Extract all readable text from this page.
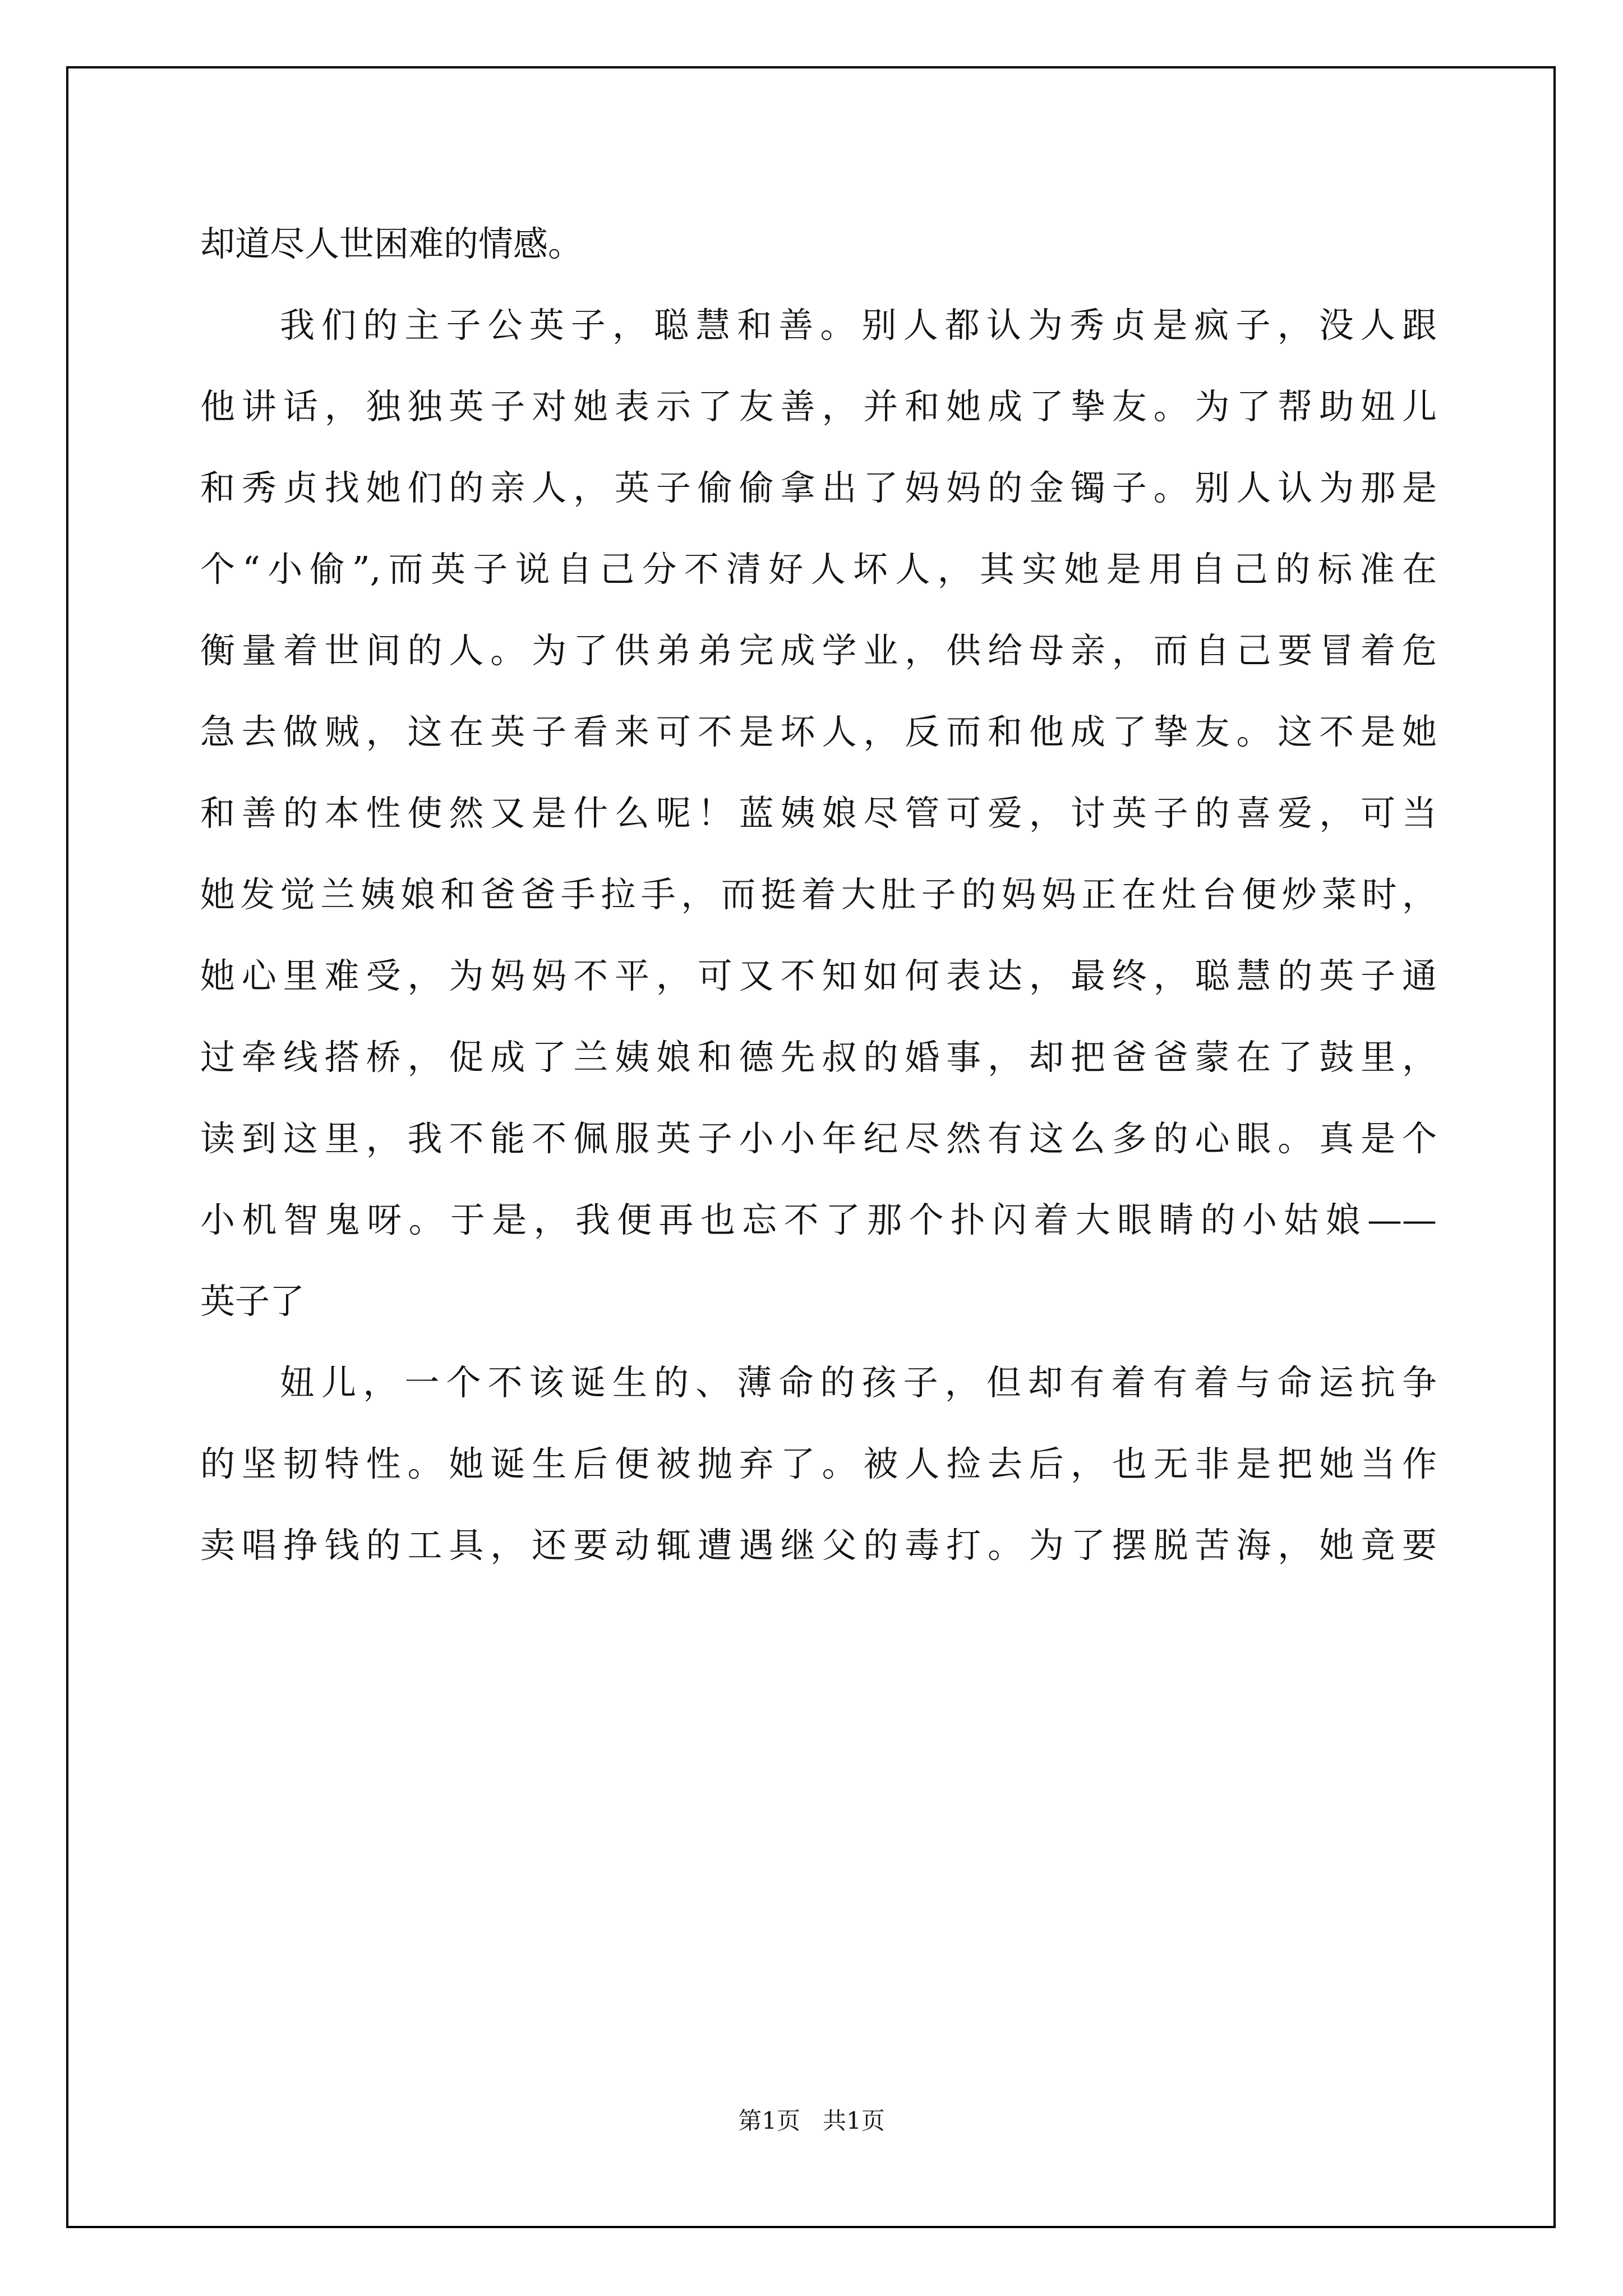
却道尽人世困难的情感。
我们的主子公英子，聪慧和善。别人都认为秀贞是疯子，没人跟
他讲话，独独英子对她表示了友善，并和她成了挚友。为了帮助妞儿
和秀贞找她们的亲人，英子偷偷拿出了妈妈的金镯子。别人认为那是
个“小偷”,而英子说自己分不清好人坏人，其实她是用自己的标准在
衡量着世间的人。为了供弟弟完成学业，供给母亲，而自己要冒着危
急去做贼，这在英子看来可不是坏人，反而和他成了挚友。这不是她
和善的本性使然又是什么呢！蓝姨娘尽管可爱，讨英子的喜爱，可当
她发觉兰姨娘和爸爸手拉手，而挺着大肚子的妈妈正在灶台便炒菜时，
她心里难受，为妈妈不平，可又不知如何表达，最终，聪慧的英子通
过牵线搭桥，促成了兰姨娘和德先叔的婚事，却把爸爸蒙在了鼓里，
读到这里，我不能不佩服英子小小年纪尽然有这么多的心眼。真是个
小机智鬼呀。于是，我便再也忘不了那个扑闪着大眼睛的小姑娘——
英子了
妞儿，一个不该诞生的、薄命的孩子，但却有着有着与命运抗争
的坚韧特性。她诞生后便被抛弃了。被人捡去后，也无非是把她当作
卖唱挣钱的工具，还要动辄遭遇继父的毒打。为了摆脱苦海，她竟要
第1页   共1页
